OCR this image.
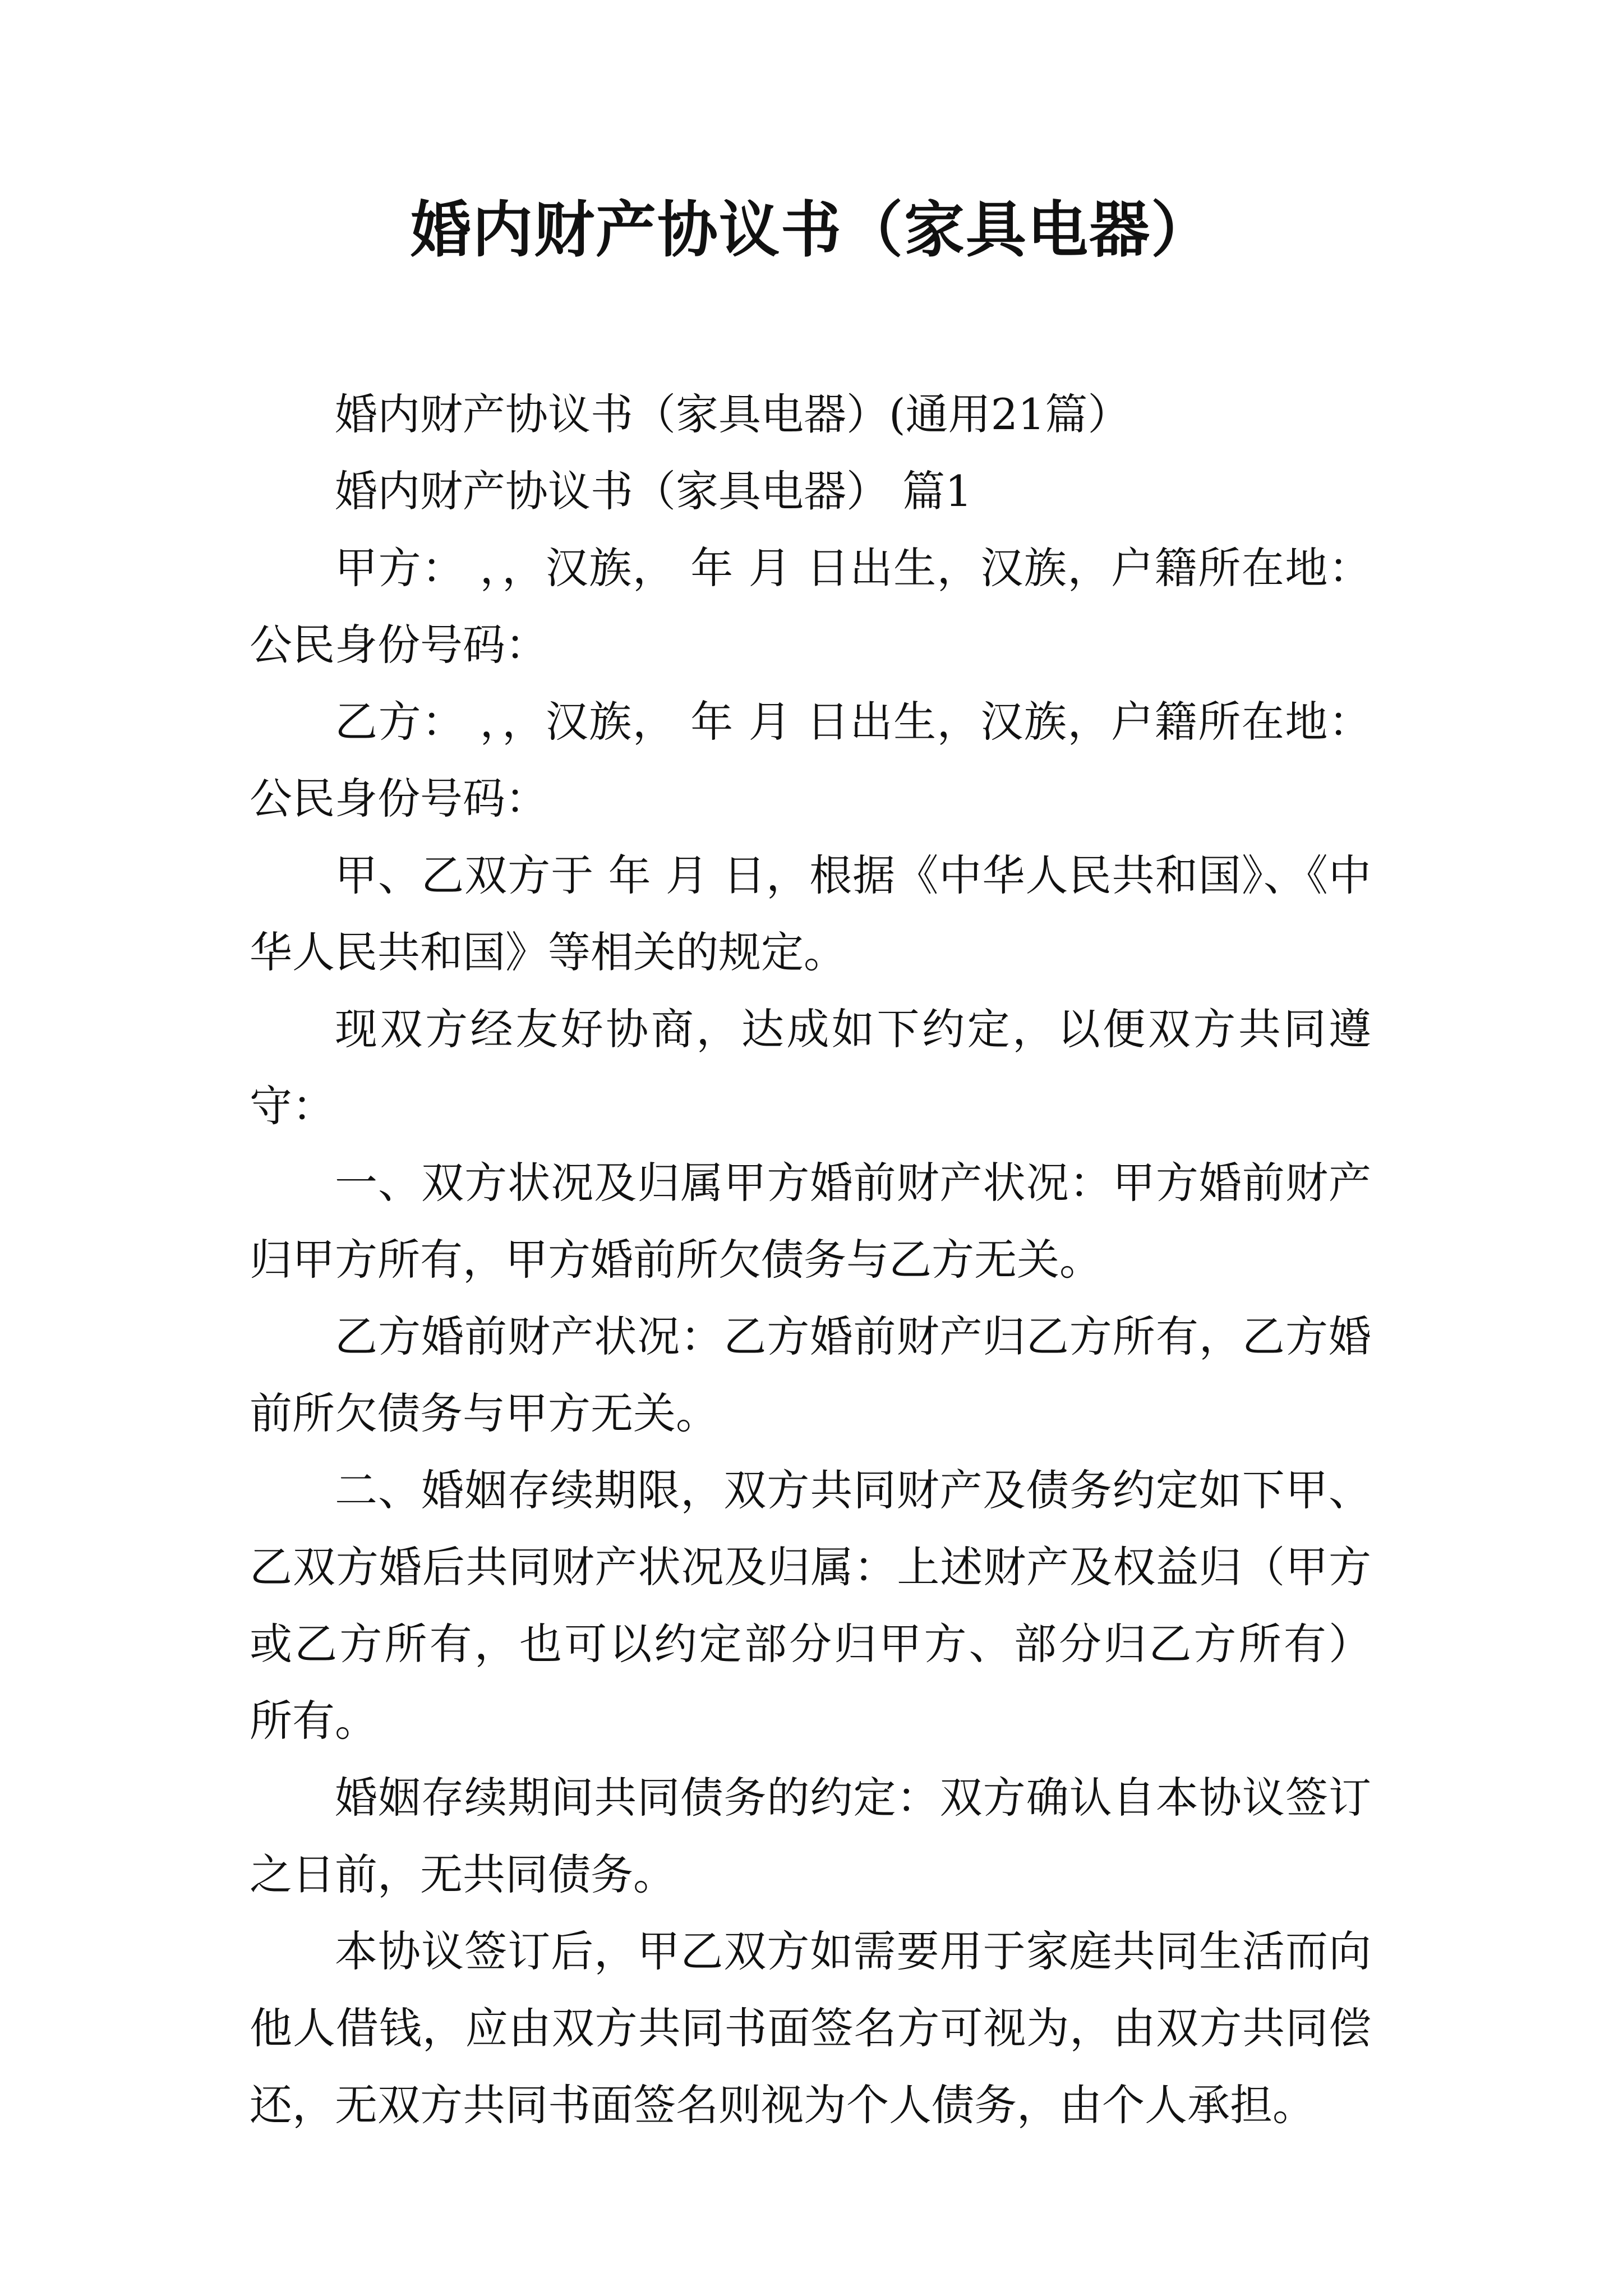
婚内财产协议书（家具电器）

婚内财产协议书（家具电器）(通用21篇）

婚内财产协议书（家具电器） 篇1

甲方： ，，汉族， 年 月 日出生，汉族，户籍所在地：公民身份号码：

乙方： ，，汉族， 年 月 日出生，汉族，户籍所在地：公民身份号码：

甲、乙双方于 年 月 日，根据《中华人民共和国》、《中华人民共和国》等相关的规定。

现双方经友好协商，达成如下约定，以便双方共同遵守：

一、双方状况及归属甲方婚前财产状况：甲方婚前财产归甲方所有，甲方婚前所欠债务与乙方无关。

乙方婚前财产状况：乙方婚前财产归乙方所有，乙方婚前所欠债务与甲方无关。

二、婚姻存续期限，双方共同财产及债务约定如下甲、乙双方婚后共同财产状况及归属：上述财产及权益归（甲方或乙方所有，也可以约定部分归甲方、部分归乙方所有） 所有。

婚姻存续期间共同债务的约定：双方确认自本协议签订之日前，无共同债务。

本协议签订后，甲乙双方如需要用于家庭共同生活而向他人借钱，应由双方共同书面签名方可视为，由双方共同偿还，无双方共同书面签名则视为个人债务，由个人承担。
